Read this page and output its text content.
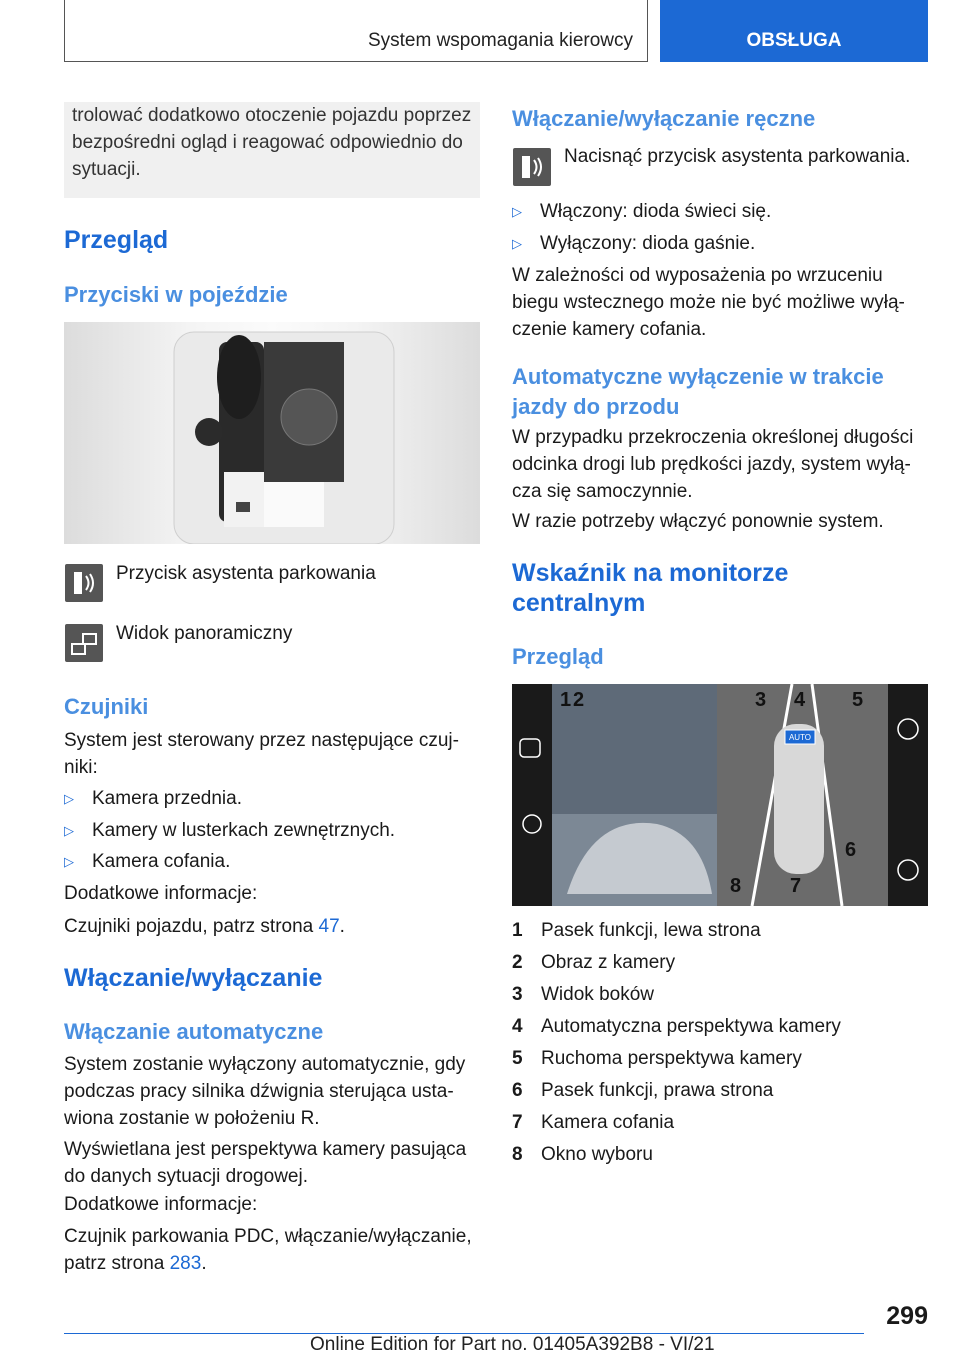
System wspomagania kierowcy	OBSŁUGA
trolować dodatkowo otoczenie pojazdu poprzez bezpośredni ogląd i reagować odpowiednio do sytuacji.
Przegląd
Przyciski w pojeździe

Przycisk asystenta parkowania

Widok panoramiczny

Czujniki

System jest sterowany przez następujące czuj-niki:

▷ Kamera przednia.
▷ Kamery w lusterkach zewnętrznych.
▷ Kamera cofania.

Dodatkowe informacje:

Czujniki pojazdu, patrz strona 47.

Włączanie/wyłączanie
Włączanie automatyczne

System zostanie wyłączony automatycznie, gdy podczas pracy silnika dźwignia sterująca usta-wiona zostanie w położeniu R.

Wyświetlana jest perspektywa kamery pasująca do danych sytuacji drogowej.

Dodatkowe informacje:

Czujnik parkowania PDC, włączanie/wyłączanie, patrz strona 283.

Włączanie/wyłączanie ręczne

Nacisnąć przycisk asystenta parkowania.

▷ Włączony: dioda świeci się.
▷ Wyłączony: dioda gaśnie.

W zależności od wyposażenia po wrzuceniu biegu wstecznego może nie być możliwe wyłą-czenie kamery cofania.

Automatyczne wyłączenie w trakcie jazdy do przodu

W przypadku przekroczenia określonej długości odcinka drogi lub prędkości jazdy, system wyłą-cza się samoczynnie.

W razie potrzeby włączyć ponownie system.

Wskaźnik na monitorze centralnym
Przegląd
AUTO
1 2	3 4 5
6
7
8
1 Pasek funkcji, lewa strona
2 Obraz z kamery
3 Widok boków
4 Automatyczna perspektywa kamery
5 Ruchoma perspektywa kamery
6 Pasek funkcji, prawa strona
7 Kamera cofania
8 Okno wyboru
299
Online Edition for Part no. 01405A392B8 - VI/21
